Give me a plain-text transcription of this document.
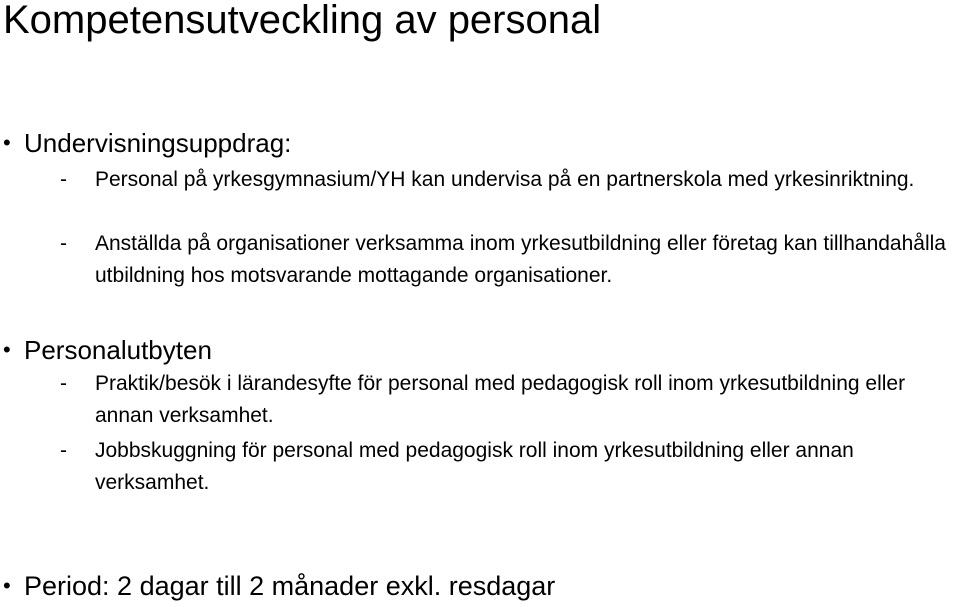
Kompetensutveckling av personal
• Undervisningsuppdrag:
- Personal på yrkesgymnasium/YH kan undervisa på en partnerskola med yrkesinriktning.
- Anställda på organisationer verksamma inom yrkesutbildning eller företag kan tillhandahålla utbildning hos motsvarande mottagande organisationer.
• Personalutbyten
- Praktik/besök i lärandesyfte för personal med pedagogisk roll inom yrkesutbildning eller annan verksamhet.
- Jobbskuggning för personal med pedagogisk roll inom yrkesutbildning eller annan verksamhet.
• Period: 2 dagar till 2 månader exkl. resdagar
